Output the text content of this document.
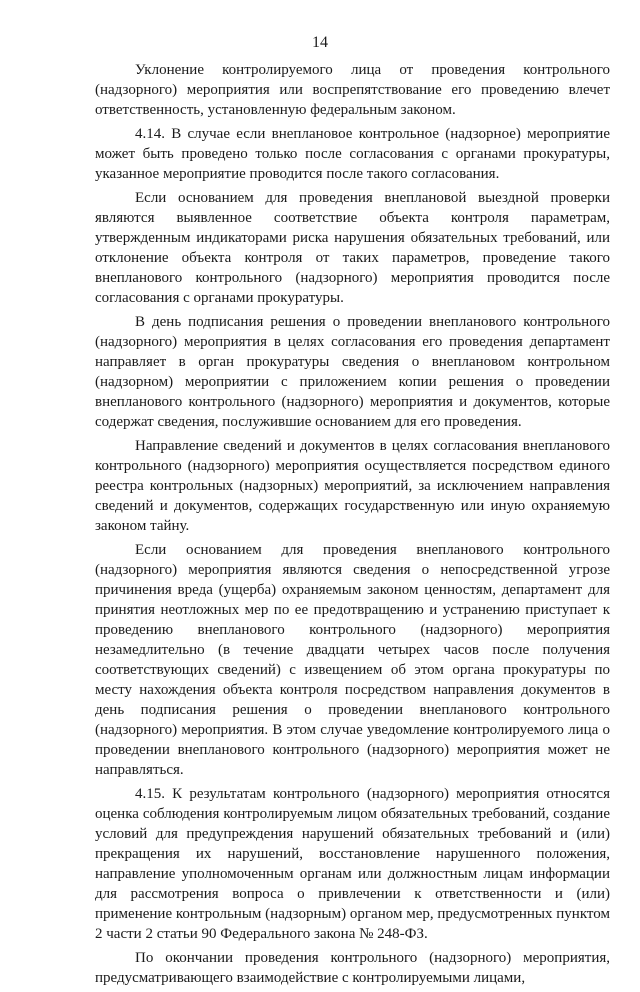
14

Уклонение контролируемого лица от проведения контрольного (надзорного) мероприятия или воспрепятствование его проведению влечет ответственность, установленную федеральным законом.

4.14. В случае если внеплановое контрольное (надзорное) мероприятие может быть проведено только после согласования с органами прокуратуры, указанное мероприятие проводится после такого согласования.

Если основанием для проведения внеплановой выездной проверки являются выявленное соответствие объекта контроля параметрам, утвержденным индикаторами риска нарушения обязательных требований, или отклонение объекта контроля от таких параметров, проведение такого внепланового контрольного (надзорного) мероприятия проводится после согласования с органами прокуратуры.

В день подписания решения о проведении внепланового контрольного (надзорного) мероприятия в целях согласования его проведения департамент направляет в орган прокуратуры сведения о внеплановом контрольном (надзорном) мероприятии с приложением копии решения о проведении внепланового контрольного (надзорного) мероприятия и документов, которые содержат сведения, послужившие основанием для его проведения.

Направление сведений и документов в целях согласования внепланового контрольного (надзорного) мероприятия осуществляется посредством единого реестра контрольных (надзорных) мероприятий, за исключением направления сведений и документов, содержащих государственную или иную охраняемую законом тайну.

Если основанием для проведения внепланового контрольного (надзорного) мероприятия являются сведения о непосредственной угрозе причинения вреда (ущерба) охраняемым законом ценностям, департамент для принятия неотложных мер по ее предотвращению и устранению приступает к проведению внепланового контрольного (надзорного) мероприятия незамедлительно (в течение двадцати четырех часов после получения соответствующих сведений) с извещением об этом органа прокуратуры по месту нахождения объекта контроля посредством направления документов в день подписания решения о проведении внепланового контрольного (надзорного) мероприятия. В этом случае уведомление контролируемого лица о проведении внепланового контрольного (надзорного) мероприятия может не направляться.

4.15. К результатам контрольного (надзорного) мероприятия относятся оценка соблюдения контролируемым лицом обязательных требований, создание условий для предупреждения нарушений обязательных требований и (или) прекращения их нарушений, восстановление нарушенного положения, направление уполномоченным органам или должностным лицам информации для рассмотрения вопроса о привлечении к ответственности и (или) применение контрольным (надзорным) органом мер, предусмотренных пунктом 2 части 2 статьи 90 Федерального закона № 248-ФЗ.

По окончании проведения контрольного (надзорного) мероприятия, предусматривающего взаимодействие с контролируемыми лицами,
